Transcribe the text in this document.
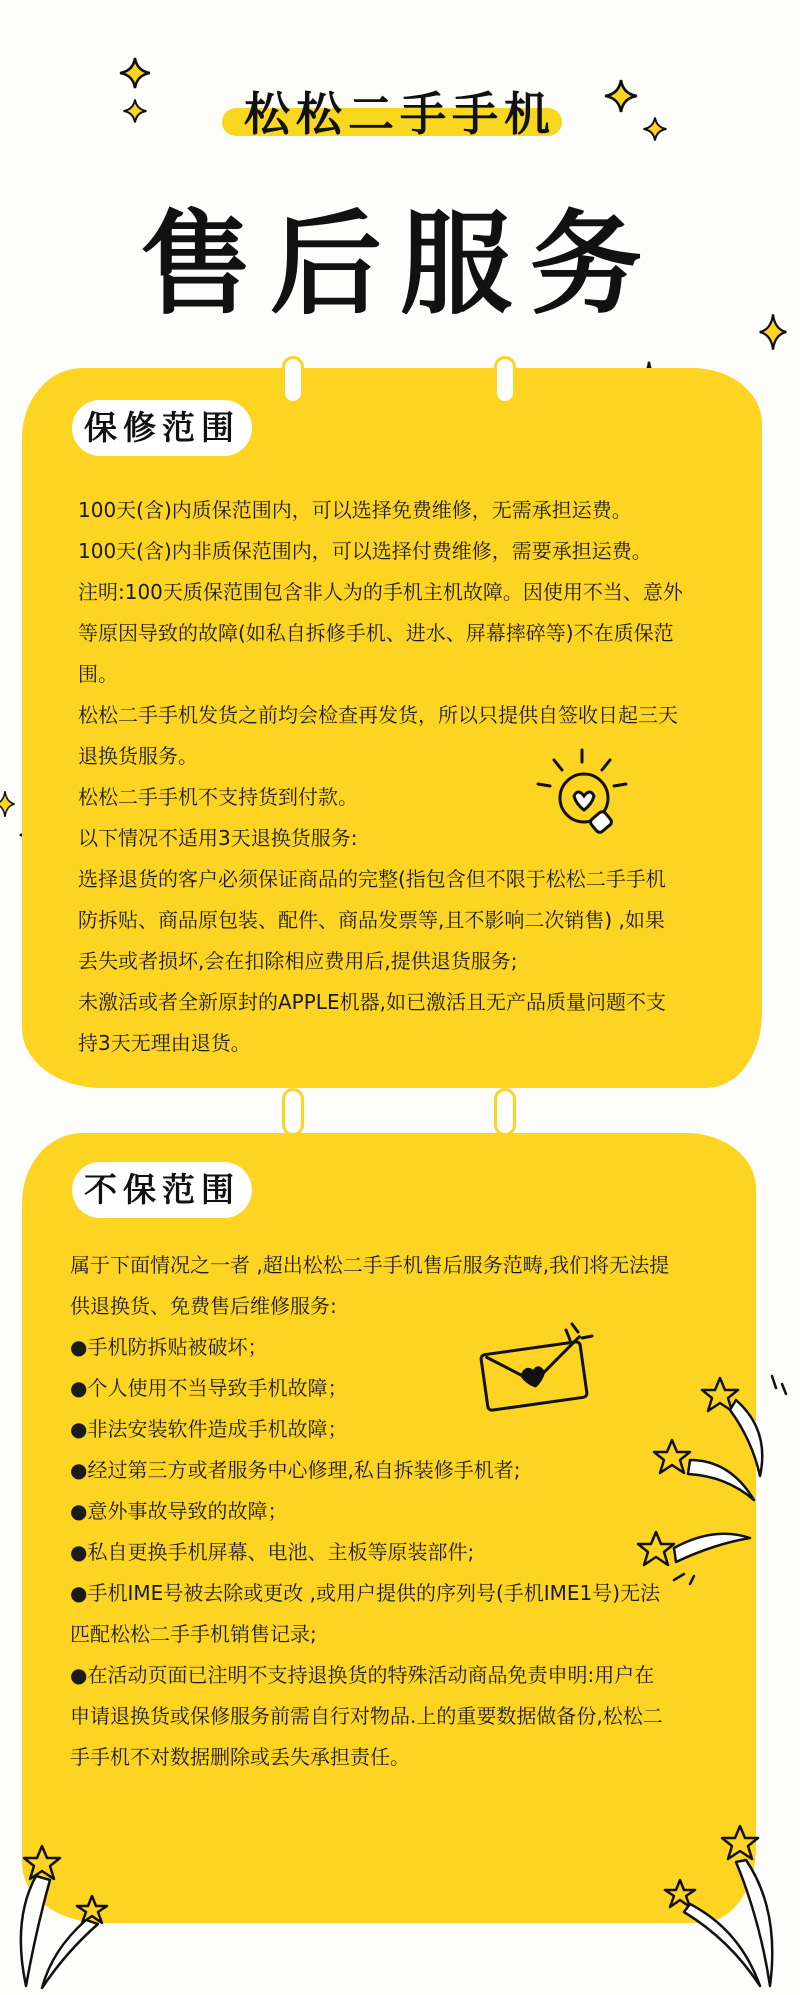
松松二手手机
售后服务
保修范围
100天(含)内质保范围内，可以选择免费维修，无需承担运费。
100天(含)内非质保范围内，可以选择付费维修，需要承担运费。
注明:100天质保范围包含非人为的手机主机故障。因使用不当、意外
等原因导致的故障(如私自拆修手机、进水、屏幕摔碎等)不在质保范
围。
松松二手手机发货之前均会检查再发货，所以只提供自签收日起三天
退换货服务。
松松二手手机不支持货到付款。
以下情况不适用3天退换货服务:
选择退货的客户必须保证商品的完整(指包含但不限于松松二手手机
防拆贴、商品原包装、配件、商品发票等,且不影响二次销售) ,如果
丢失或者损坏,会在扣除相应费用后,提供退货服务;
未激活或者全新原封的APPLE机器,如已激活且无产品质量问题不支
持3天无理由退货。
不保范围
属于下面情况之一者 ,超出松松二手手机售后服务范畴,我们将无法提
供退换货、免费售后维修服务:
●手机防拆贴被破坏；
●个人使用不当导致手机故障；
●非法安装软件造成手机故障；
●经过第三方或者服务中心修理,私自拆装修手机者;
●意外事故导致的故障；
●私自更换手机屏幕、电池、主板等原装部件;
●手机IME号被去除或更改 ,或用户提供的序列号(手机IME1号)无法
匹配松松二手手机销售记录;
●在活动页面已注明不支持退换货的特殊活动商品免责申明:用户在
申请退换货或保修服务前需自行对物品.上的重要数据做备份,松松二
手手机不对数据删除或丢失承担责任。
